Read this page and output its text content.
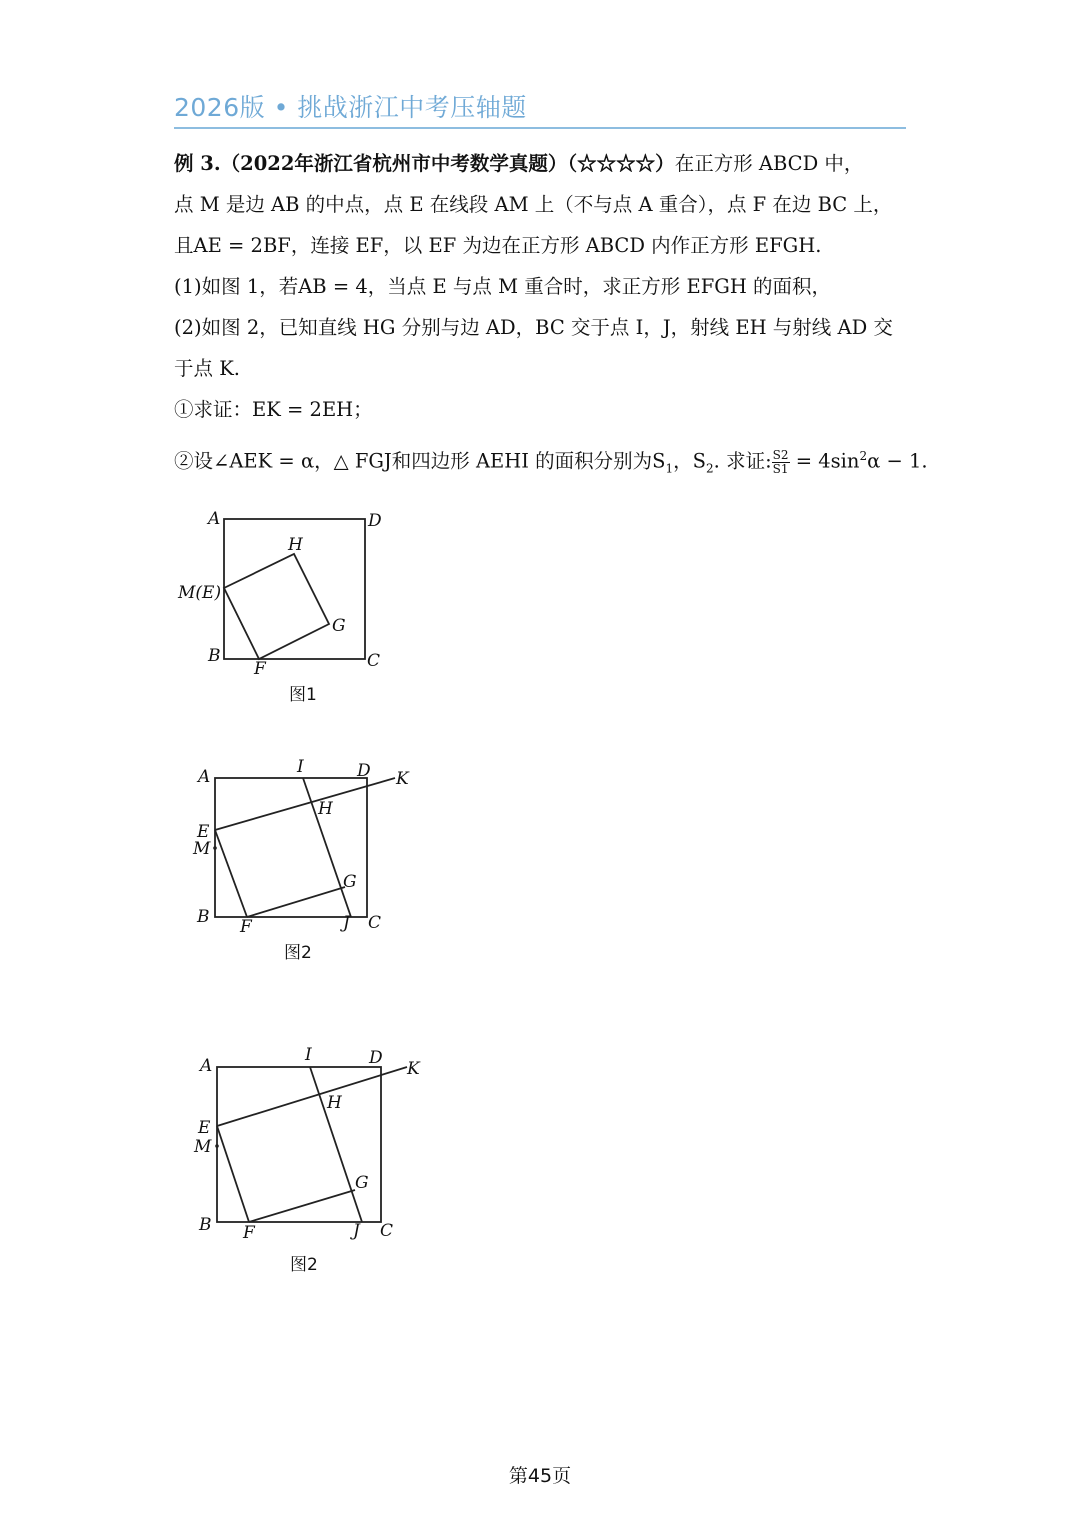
2026版 • 挑战浙江中考压轴题
例 3.（2022年浙江省杭州市中考数学真题）（☆☆☆☆）在正方形 ABCD 中，
点 M 是边 AB 的中点，点 E 在线段 AM 上（不与点 A 重合），点 F 在边 BC 上，
且AE = 2BF，连接 EF，以 EF 为边在正方形 ABCD 内作正方形 EFGH.
(1)如图 1，若AB = 4，当点 E 与点 M 重合时，求正方形 EFGH 的面积，
(2)如图 2，已知直线 HG 分别与边 AD，BC 交于点 I，J，射线 EH 与射线 AD 交
于点 K.
①求证：EK = 2EH；
②设∠AEK = α，△ FGJ和四边形 AEHI 的面积分别为$S_1$，$S_2$. 求证: $\frac{S2}{S1} = 4\sin^2\alpha - 1$.
A	D
B	C
M(E)
F
G
H
图1
A	D K
I
H
E
M
G
B F	J C
图2
A	D
K
I
H
E
M
G
B F	J C
图2
第45页
